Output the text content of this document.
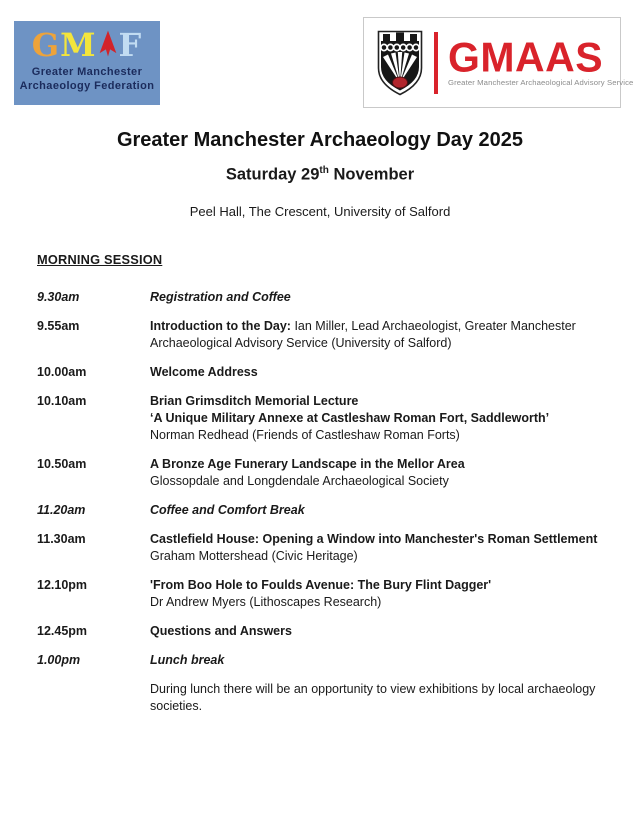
GM F
Greater Manchester
Archaeology Federation
GMAAS
Greater Manchester Archaeological Advisory Service
Greater Manchester Archaeology Day 2025
Saturday 29th November
Peel Hall, The Crescent, University of Salford
MORNING SESSION
9.30am	Registration and Coffee
9.55am	Introduction to the Day: Ian Miller, Lead Archaeologist, Greater Manchester Archaeological Advisory Service (University of Salford)
10.00am	Welcome Address
10.10am	Brian Grimsditch Memorial Lecture
‘A Unique Military Annexe at Castleshaw Roman Fort, Saddleworth’
Norman Redhead (Friends of Castleshaw Roman Forts)
10.50am	A Bronze Age Funerary Landscape in the Mellor Area
Glossopdale and Longdendale Archaeological Society
11.20am	Coffee and Comfort Break
11.30am	Castlefield House: Opening a Window into Manchester's Roman Settlement
Graham Mottershead (Civic Heritage)
12.10pm	'From Boo Hole to Foulds Avenue: The Bury Flint Dagger'
Dr Andrew Myers (Lithoscapes Research)
12.45pm	Questions and Answers
1.00pm	Lunch break
During lunch there will be an opportunity to view exhibitions by local archaeology societies.
